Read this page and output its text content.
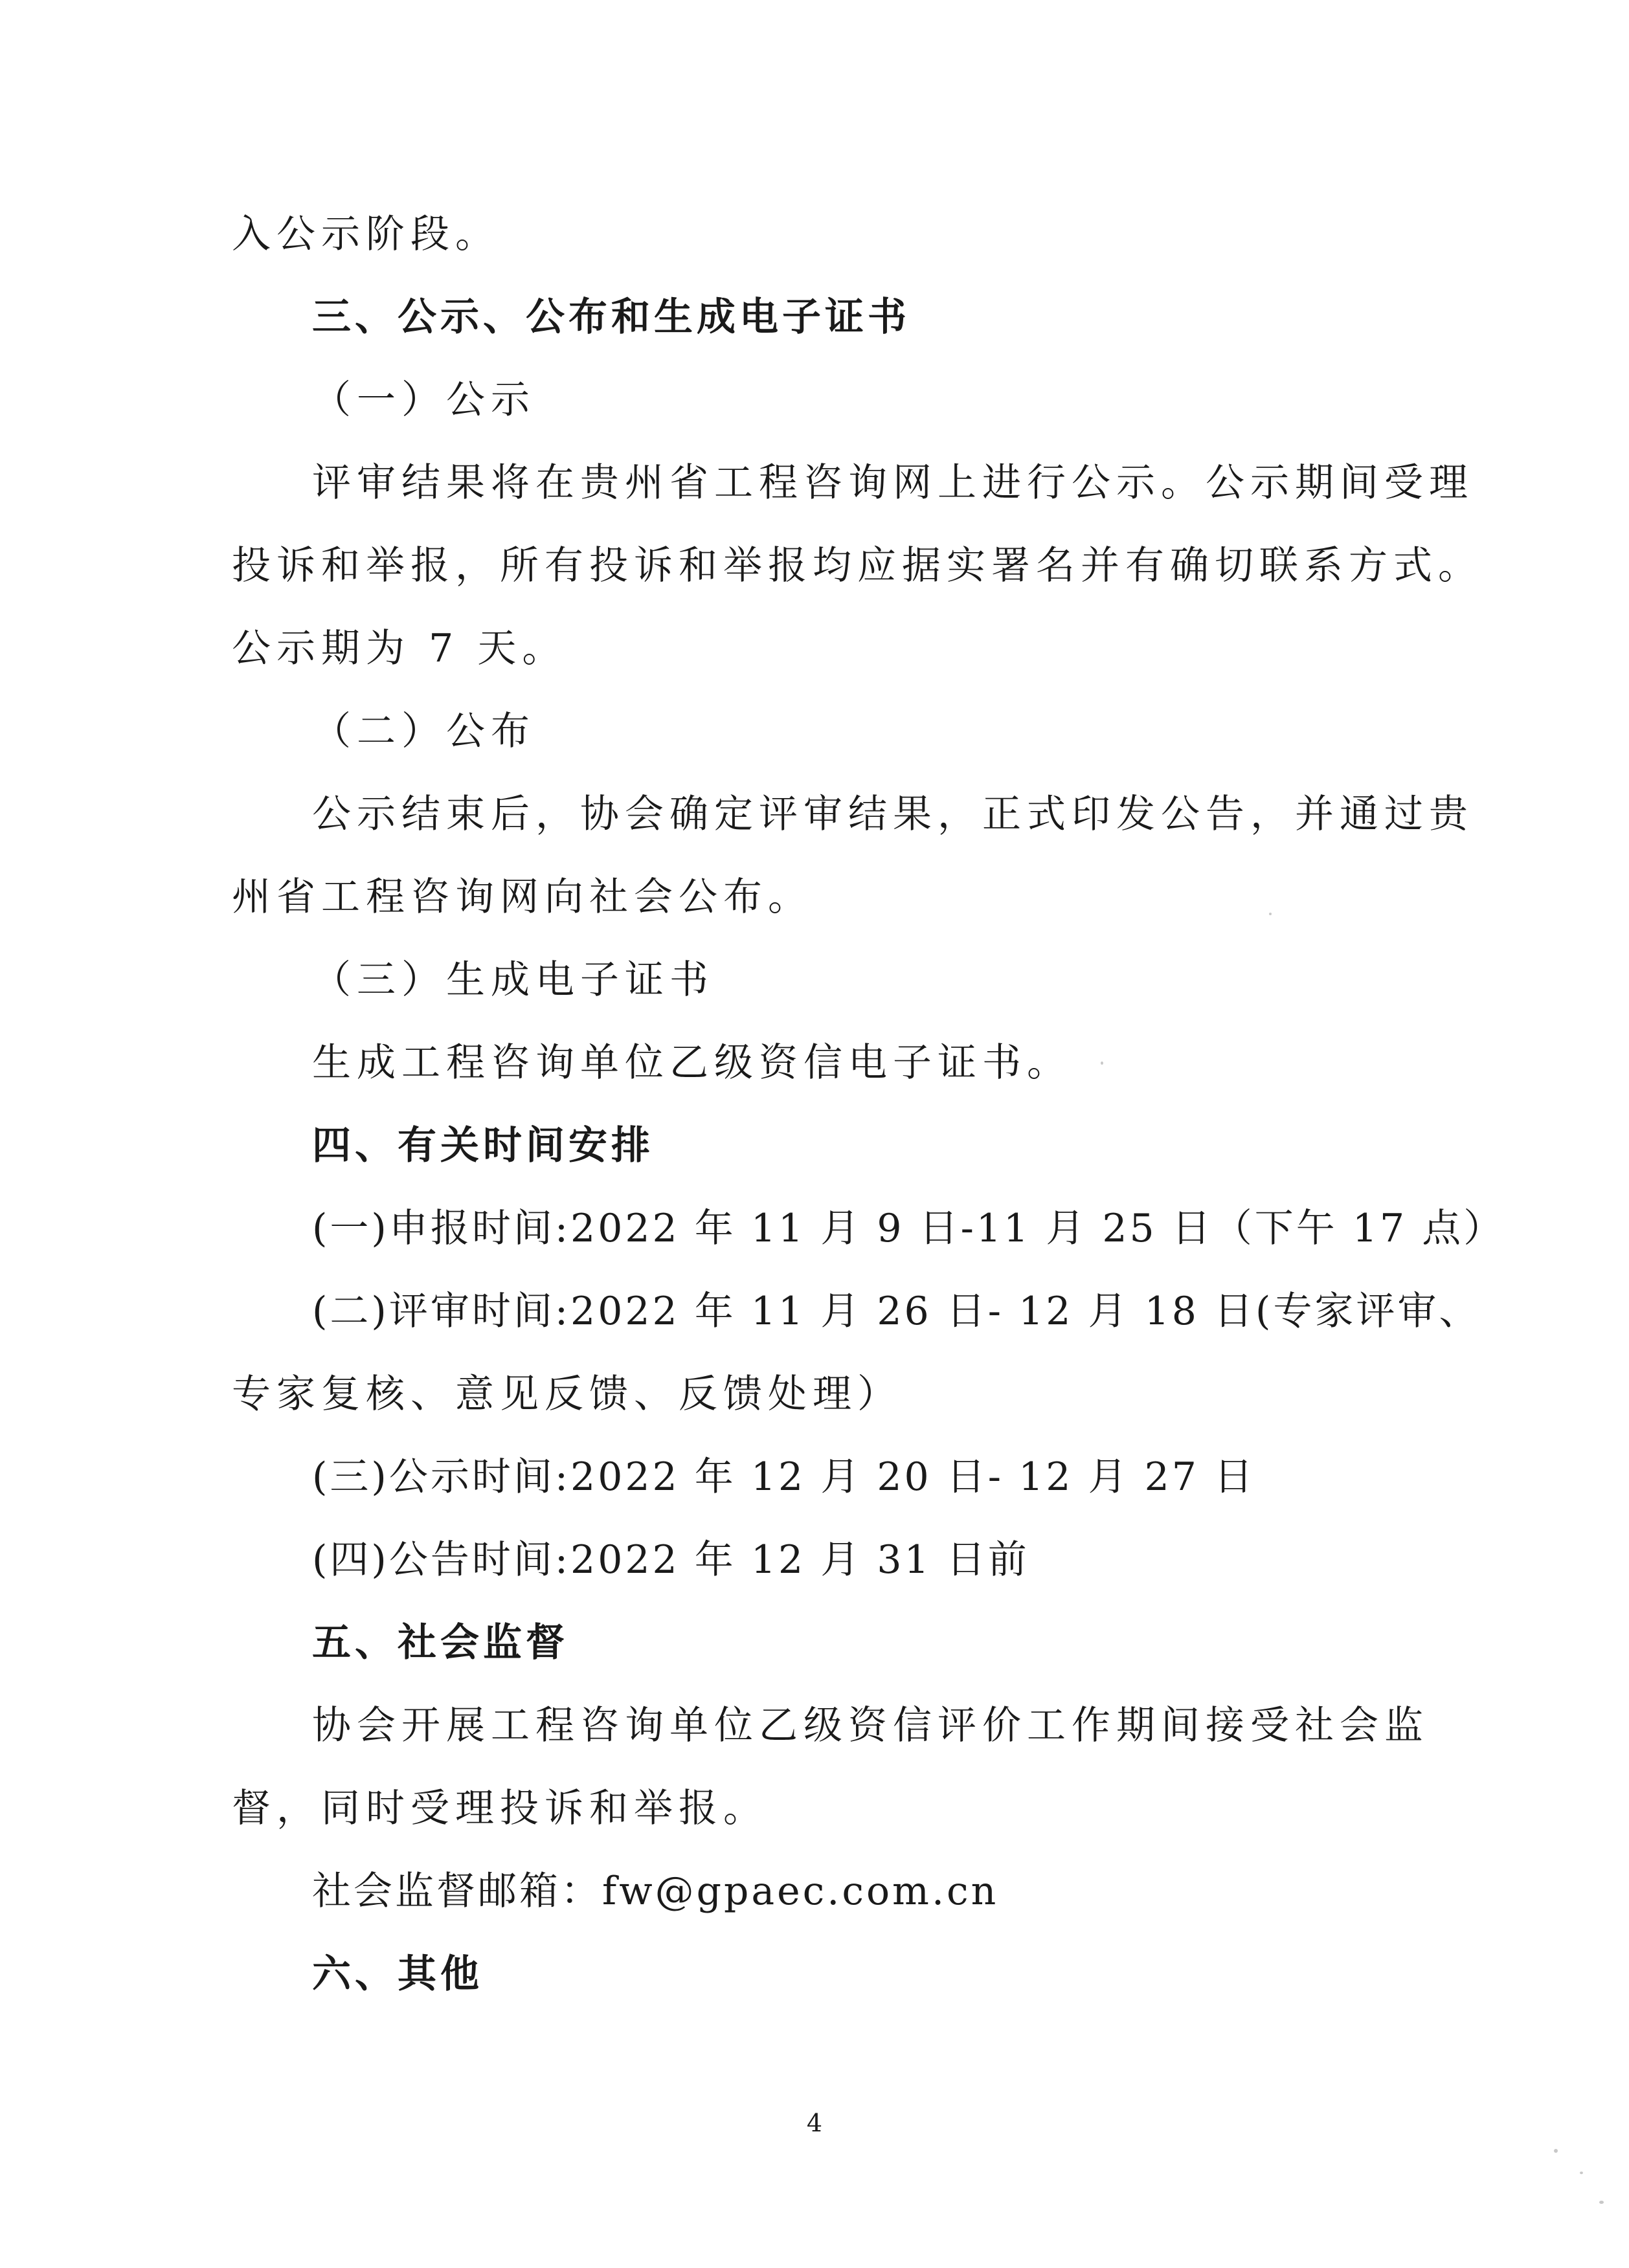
入公示阶段。
三、公示、公布和生成电子证书
（一）公示
评审结果将在贵州省工程咨询网上进行公示。公示期间受理
投诉和举报，所有投诉和举报均应据实署名并有确切联系方式。
公示期为 7 天。
（二）公布
公示结束后，协会确定评审结果，正式印发公告，并通过贵
州省工程咨询网向社会公布。
（三）生成电子证书
生成工程咨询单位乙级资信电子证书。
四、有关时间安排
(一)申报时间:2022 年 11 月 9 日-11 月 25 日（下午 17 点）
(二)评审时间:2022 年 11 月 26 日- 12 月 18 日(专家评审、
专家复核、意见反馈、反馈处理）
(三)公示时间:2022 年 12 月 20 日- 12 月 27 日
(四)公告时间:2022 年 12 月 31 日前
五、社会监督
协会开展工程咨询单位乙级资信评价工作期间接受社会监
督，同时受理投诉和举报。
社会监督邮箱：fw@gpaec.com.cn
六、其他
4
